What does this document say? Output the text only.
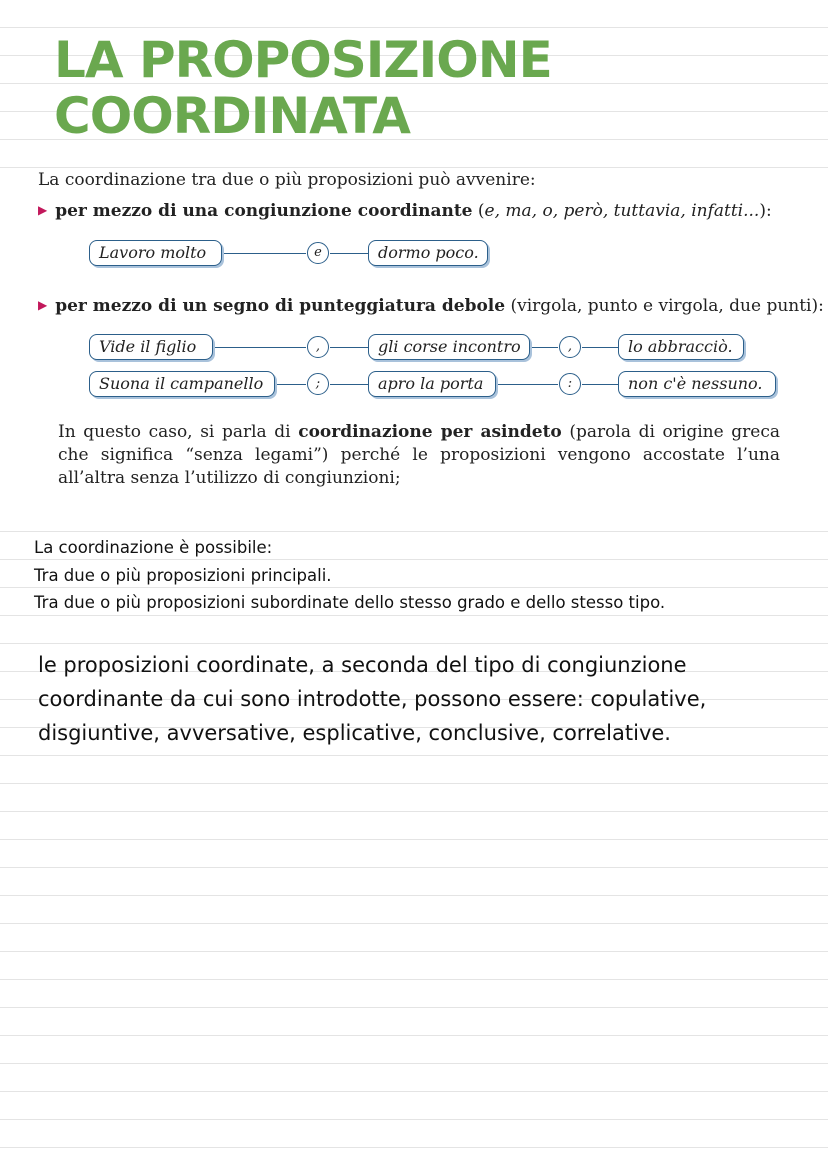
LA PROPOSIZIONE
COORDINATA
La coordinazione tra due o più proposizioni può avvenire:
▶ per mezzo di una congiunzione coordinante (e, ma, o, però, tuttavia, infatti...):
Lavoro molto	e	dormo poco.
▶ per mezzo di un segno di punteggiatura debole (virgola, punto e virgola, due punti):
Vide il figlio	,	gli corse incontro	,	lo abbracciò.
Suona il campanello	;	apro la porta	:	non c'è nessuno.

In questo caso, si parla di coordinazione per asindeto (parola di origine greca che significa “senza legami”) perché le proposizioni vengono accostate l’una all’altra senza l’utilizzo di congiunzioni;

La coordinazione è possibile:

Tra due o più proposizioni principali.

Tra due o più proposizioni subordinate dello stesso grado e dello stesso tipo.

le proposizioni coordinate, a seconda del tipo di congiunzione
coordinante da cui sono introdotte, possono essere: copulative,
disgiuntive, avversative, esplicative, conclusive, correlative.
